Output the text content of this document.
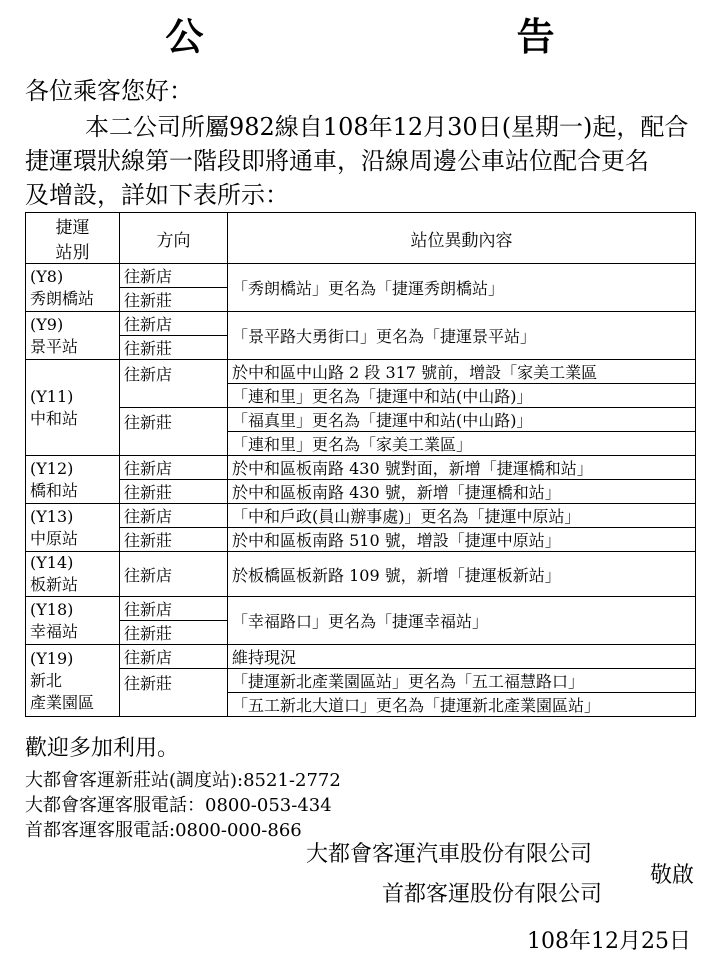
公 告
各位乘客您好：
本二公司所屬982線自108年12月30日(星期一)起，配合
捷運環狀線第一階段即將通車，沿線周邊公車站位配合更名
及增設，詳如下表所示：
捷運
站別	方向	站位異動內容

(Y8)
秀朗橋站	往新店	「秀朗橋站」更名為「捷運秀朗橋站」
	往新莊	

(Y9)
景平站	往新店	「景平路大勇街口」更名為「捷運景平站」
	往新莊	

(Y11)
中和站	往新店	於中和區中山路 2 段 317 號前，增設「家美工業區
		「連和里」更名為「捷運中和站(中山路)」
	往新莊	「福真里」更名為「捷運中和站(中山路)」
		「連和里」更名為「家美工業區」

(Y12)
橋和站	往新店	於中和區板南路 430 號對面，新增「捷運橋和站」
	往新莊	於中和區板南路 430 號，新增「捷運橋和站」

(Y13)
中原站	往新店	「中和戶政(員山辦事處)」更名為「捷運中原站」
	往新莊	於中和區板南路 510 號，增設「捷運中原站」

(Y14)
板新站	往新店	於板橋區板新路 109 號，新增「捷運板新站」

(Y18)
幸福站	往新店	「幸福路口」更名為「捷運幸福站」
	往新莊	

(Y19)
新北
產業園區	往新店	維持現況
	往新莊	「捷運新北產業園區站」更名為「五工福慧路口」
		「五工新北大道口」更名為「捷運新北產業園區站」
歡迎多加利用。
大都會客運新莊站(調度站):8521-2772
大都會客運客服電話：0800-053-434
首都客運客服電話:0800-000-866
大都會客運汽車股份有限公司
敬啟
首都客運股份有限公司
108年12月25日
